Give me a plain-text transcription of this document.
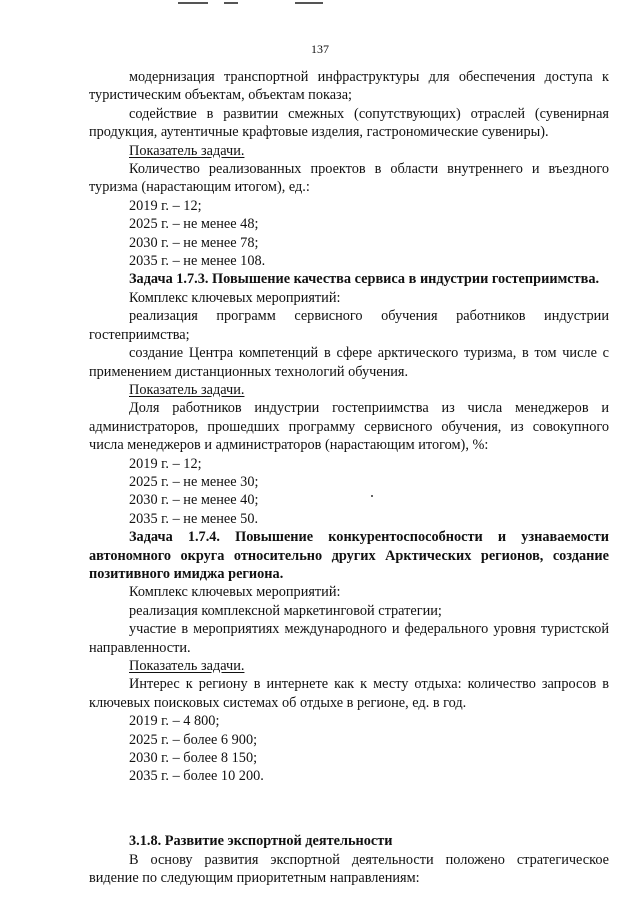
137

модернизация транспортной инфраструктуры для обеспечения доступа к туристическим объектам, объектам показа;

содействие в развитии смежных (сопутствующих) отраслей (сувенирная продукция, аутентичные крафтовые изделия, гастрономические сувениры).

Показатель задачи.

Количество реализованных проектов в области внутреннего и въездного туризма (нарастающим итогом), ед.:

2019 г. – 12;

2025 г. – не менее 48;

2030 г. – не менее 78;

2035 г. – не менее 108.

Задача 1.7.3. Повышение качества сервиса в индустрии гостеприимства.

Комплекс ключевых мероприятий:

реализация программ сервисного обучения работников индустрии гостеприимства;

создание Центра компетенций в сфере арктического туризма, в том числе с применением дистанционных технологий обучения.

Показатель задачи.

Доля работников индустрии гостеприимства из числа менеджеров и администраторов, прошедших программу сервисного обучения, из совокупного числа менеджеров и администраторов (нарастающим итогом), %:

2019 г. – 12;

2025 г. – не менее 30;

2030 г. – не менее 40;

2035 г. – не менее 50.

Задача 1.7.4. Повышение конкурентоспособности и узнаваемости автономного округа относительно других Арктических регионов, создание позитивного имиджа региона.

Комплекс ключевых мероприятий:

реализация комплексной маркетинговой стратегии;

участие в мероприятиях международного и федерального уровня туристской направленности.

Показатель задачи.

Интерес к региону в интернете как к месту отдыха: количество запросов в ключевых поисковых системах об отдыхе в регионе, ед. в год.

2019 г. – 4 800;

2025 г. – более 6 900;

2030 г. – более 8 150;

2035 г. – более 10 200.

3.1.8. Развитие экспортной деятельности

В основу развития экспортной деятельности положено стратегическое видение по следующим приоритетным направлениям:
